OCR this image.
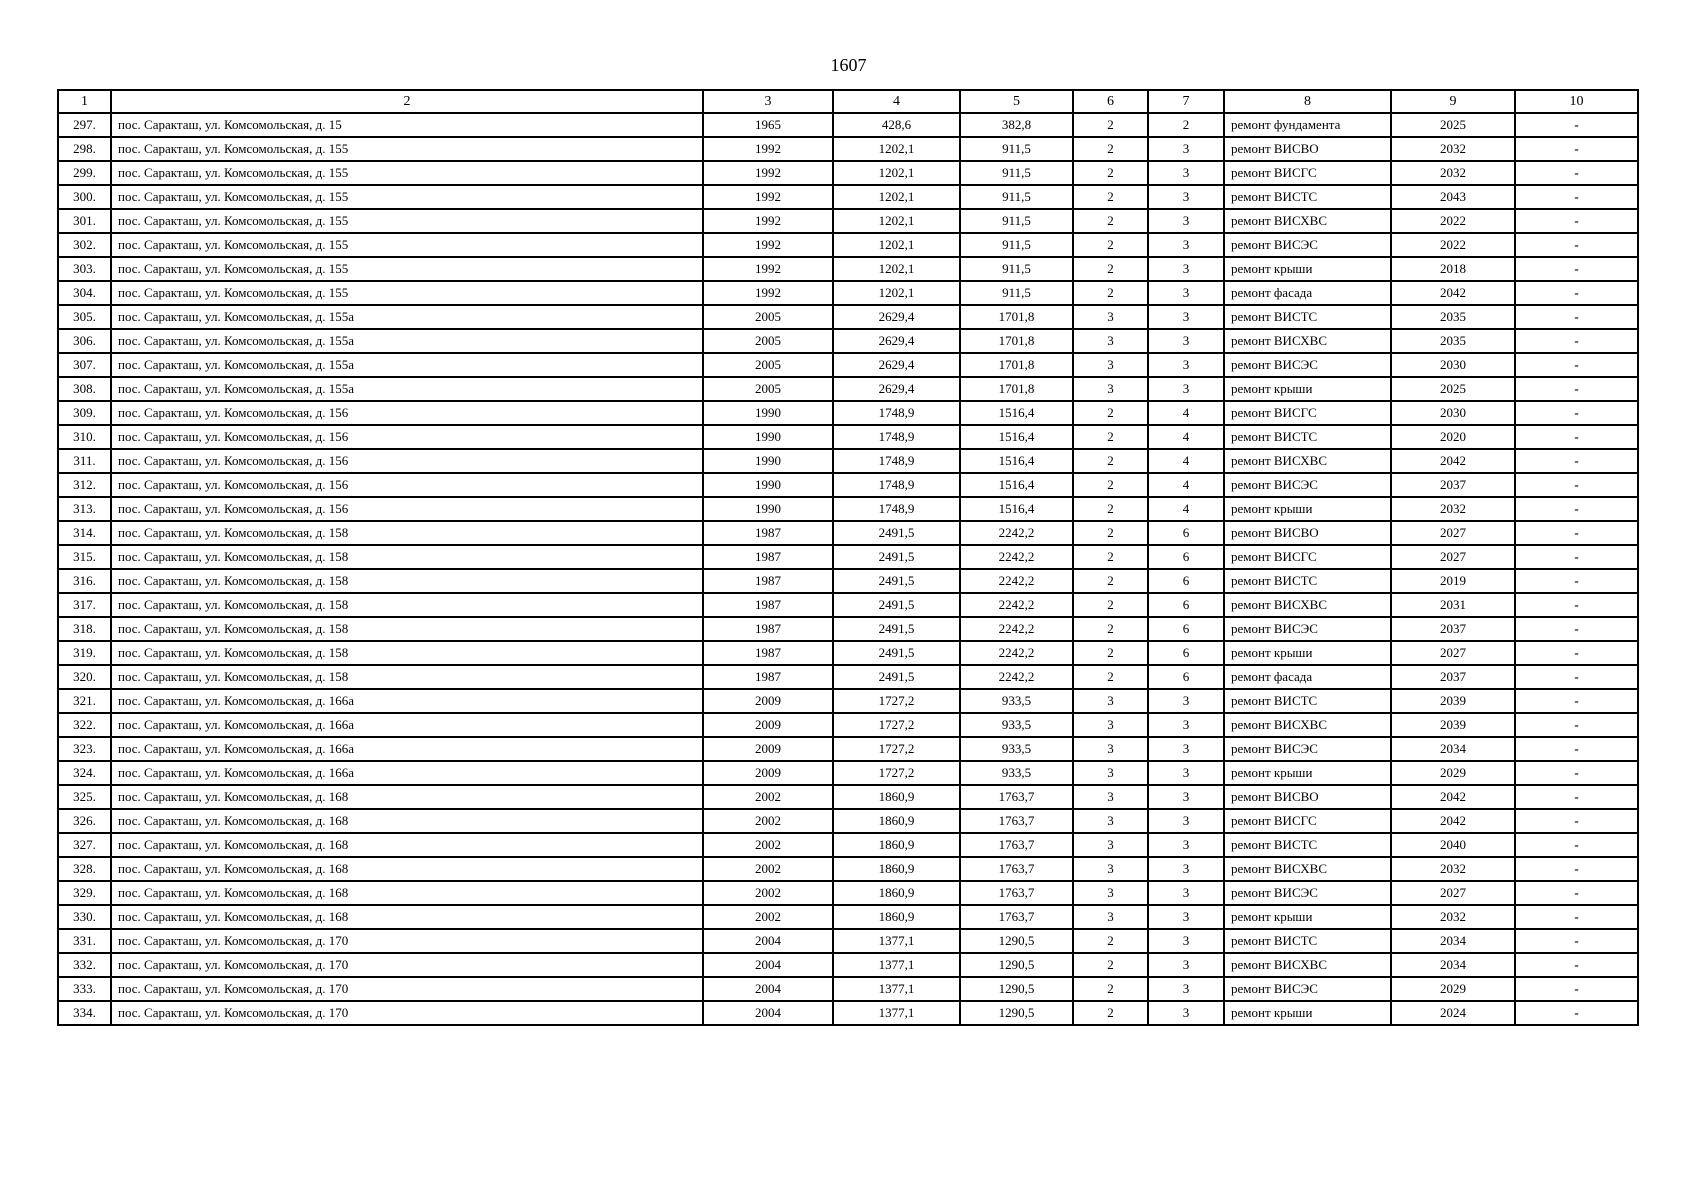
1607
1	2	3	4	5	6	7	8	9	10
297.	пос. Саракташ, ул. Комсомольская, д. 15	1965	428,6	382,8	2	2	ремонт фундамента	2025	-
298.	пос. Саракташ, ул. Комсомольская, д. 155	1992	1202,1	911,5	2	3	ремонт ВИСВО	2032	-
299.	пос. Саракташ, ул. Комсомольская, д. 155	1992	1202,1	911,5	2	3	ремонт ВИСГС	2032	-
300.	пос. Саракташ, ул. Комсомольская, д. 155	1992	1202,1	911,5	2	3	ремонт ВИСТС	2043	-
301.	пос. Саракташ, ул. Комсомольская, д. 155	1992	1202,1	911,5	2	3	ремонт ВИСХВС	2022	-
302.	пос. Саракташ, ул. Комсомольская, д. 155	1992	1202,1	911,5	2	3	ремонт ВИСЭС	2022	-
303.	пос. Саракташ, ул. Комсомольская, д. 155	1992	1202,1	911,5	2	3	ремонт крыши	2018	-
304.	пос. Саракташ, ул. Комсомольская, д. 155	1992	1202,1	911,5	2	3	ремонт фасада	2042	-
305.	пос. Саракташ, ул. Комсомольская, д. 155а	2005	2629,4	1701,8	3	3	ремонт ВИСТС	2035	-
306.	пос. Саракташ, ул. Комсомольская, д. 155а	2005	2629,4	1701,8	3	3	ремонт ВИСХВС	2035	-
307.	пос. Саракташ, ул. Комсомольская, д. 155а	2005	2629,4	1701,8	3	3	ремонт ВИСЭС	2030	-
308.	пос. Саракташ, ул. Комсомольская, д. 155а	2005	2629,4	1701,8	3	3	ремонт крыши	2025	-
309.	пос. Саракташ, ул. Комсомольская, д. 156	1990	1748,9	1516,4	2	4	ремонт ВИСГС	2030	-
310.	пос. Саракташ, ул. Комсомольская, д. 156	1990	1748,9	1516,4	2	4	ремонт ВИСТС	2020	-
311.	пос. Саракташ, ул. Комсомольская, д. 156	1990	1748,9	1516,4	2	4	ремонт ВИСХВС	2042	-
312.	пос. Саракташ, ул. Комсомольская, д. 156	1990	1748,9	1516,4	2	4	ремонт ВИСЭС	2037	-
313.	пос. Саракташ, ул. Комсомольская, д. 156	1990	1748,9	1516,4	2	4	ремонт крыши	2032	-
314.	пос. Саракташ, ул. Комсомольская, д. 158	1987	2491,5	2242,2	2	6	ремонт ВИСВО	2027	-
315.	пос. Саракташ, ул. Комсомольская, д. 158	1987	2491,5	2242,2	2	6	ремонт ВИСГС	2027	-
316.	пос. Саракташ, ул. Комсомольская, д. 158	1987	2491,5	2242,2	2	6	ремонт ВИСТС	2019	-
317.	пос. Саракташ, ул. Комсомольская, д. 158	1987	2491,5	2242,2	2	6	ремонт ВИСХВС	2031	-
318.	пос. Саракташ, ул. Комсомольская, д. 158	1987	2491,5	2242,2	2	6	ремонт ВИСЭС	2037	-
319.	пос. Саракташ, ул. Комсомольская, д. 158	1987	2491,5	2242,2	2	6	ремонт крыши	2027	-
320.	пос. Саракташ, ул. Комсомольская, д. 158	1987	2491,5	2242,2	2	6	ремонт фасада	2037	-
321.	пос. Саракташ, ул. Комсомольская, д. 166а	2009	1727,2	933,5	3	3	ремонт ВИСТС	2039	-
322.	пос. Саракташ, ул. Комсомольская, д. 166а	2009	1727,2	933,5	3	3	ремонт ВИСХВС	2039	-
323.	пос. Саракташ, ул. Комсомольская, д. 166а	2009	1727,2	933,5	3	3	ремонт ВИСЭС	2034	-
324.	пос. Саракташ, ул. Комсомольская, д. 166а	2009	1727,2	933,5	3	3	ремонт крыши	2029	-
325.	пос. Саракташ, ул. Комсомольская, д. 168	2002	1860,9	1763,7	3	3	ремонт ВИСВО	2042	-
326.	пос. Саракташ, ул. Комсомольская, д. 168	2002	1860,9	1763,7	3	3	ремонт ВИСГС	2042	-
327.	пос. Саракташ, ул. Комсомольская, д. 168	2002	1860,9	1763,7	3	3	ремонт ВИСТС	2040	-
328.	пос. Саракташ, ул. Комсомольская, д. 168	2002	1860,9	1763,7	3	3	ремонт ВИСХВС	2032	-
329.	пос. Саракташ, ул. Комсомольская, д. 168	2002	1860,9	1763,7	3	3	ремонт ВИСЭС	2027	-
330.	пос. Саракташ, ул. Комсомольская, д. 168	2002	1860,9	1763,7	3	3	ремонт крыши	2032	-
331.	пос. Саракташ, ул. Комсомольская, д. 170	2004	1377,1	1290,5	2	3	ремонт ВИСТС	2034	-
332.	пос. Саракташ, ул. Комсомольская, д. 170	2004	1377,1	1290,5	2	3	ремонт ВИСХВС	2034	-
333.	пос. Саракташ, ул. Комсомольская, д. 170	2004	1377,1	1290,5	2	3	ремонт ВИСЭС	2029	-
334.	пос. Саракташ, ул. Комсомольская, д. 170	2004	1377,1	1290,5	2	3	ремонт крыши	2024	-
